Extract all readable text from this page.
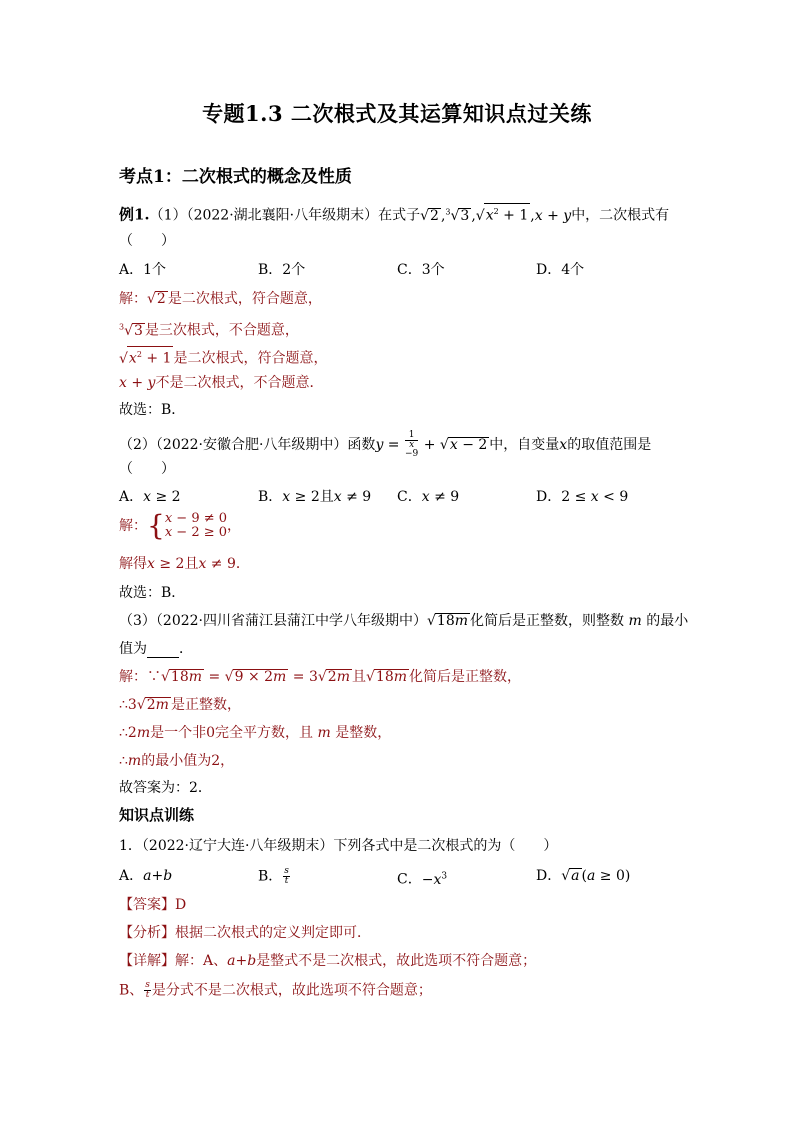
专题1.3 二次根式及其运算知识点过关练
考点1：二次根式的概念及性质
例1.（1）（2022·湖北襄阳·八年级期末）在式子√2 ,$^3$√3 $,√x^2 + 1$ ,x + y中，二次根式有
（　　）
A．1个	B．2个	C．3个	D．4个
解：√2 是二次根式，符合题意，
$^3$√3 是三次根式，不合题意，
$√x^2 + 1$ 是二次根式，符合题意，
x + y不是二次根式，不合题意．
故选：B．
（2）（2022·安徽合肥·八年级期中）函数y = 1
x
−9 + √x − 2 中，自变量x的取值范围是
（　　）
A．x ≥ 2	B．x ≥ 2且x ≠ 9 C．x ≠ 9	D．2 ≤ x < 9
解：{ x − 9 ≠ 0
x − 2 ≥ 0 ，
解得x ≥ 2且x ≠ 9．
故选：B．
（3）（2022·四川省蒲江县蒲江中学八年级期中）√18m 化简后是正整数，则整数 m 的最小
值为 ．
解：∵√18m = √9 × 2m = 3√2m 且√18m 化简后是正整数，
∴3√2m 是正整数，
∴2m是一个非0完全平方数，且 m 是整数，
∴m的最小值为2，
故答案为：2．
知识点训练
1．（2022·辽宁大连·八年级期末）下列各式中是二次根式的为（　　）
A．a+b	B． $\frac{s}{t}$	C．$-x^3$	D．√a (a ≥ 0)
【答案】D
【分析】根据二次根式的定义判定即可．
【详解】解：A、a+b是整式不是二次根式，故此选项不符合题意；
B、 $\frac{s}{t}$ 是分式不是二次根式，故此选项不符合题意；
